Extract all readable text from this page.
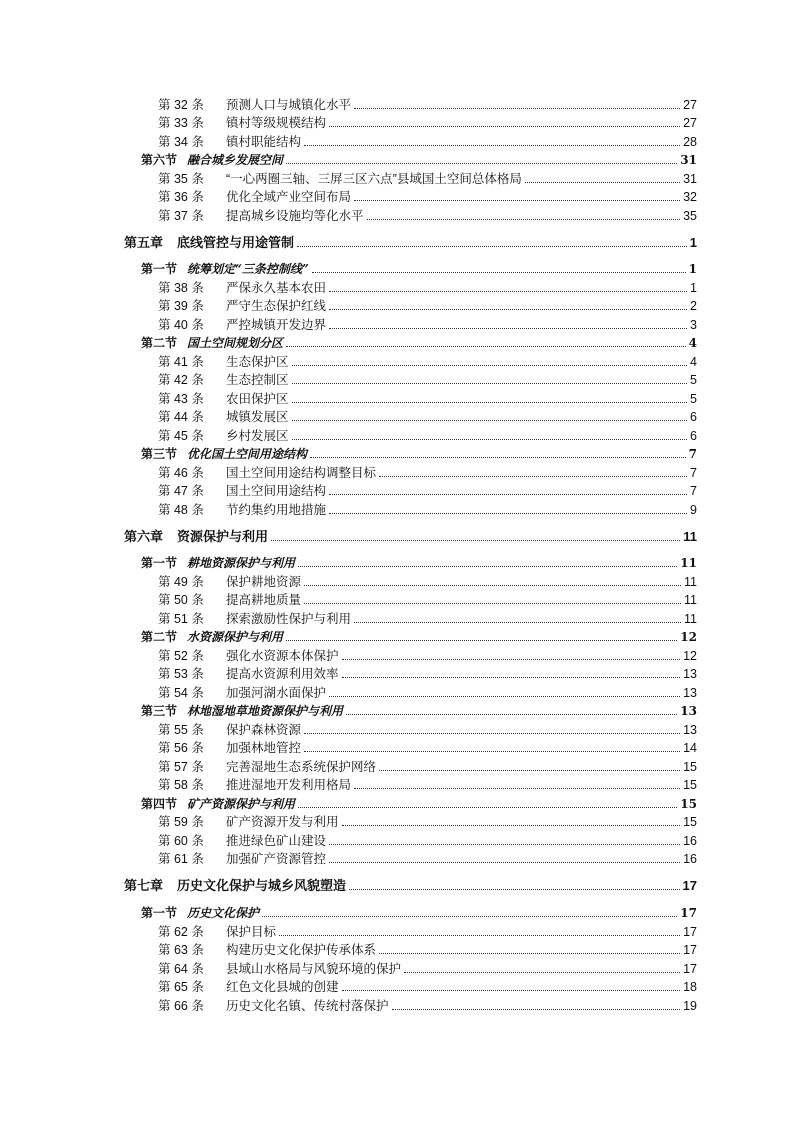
第 32 条	预测人口与城镇化水平	27
第 33 条	镇村等级规模结构	27
第 34 条	镇村职能结构	28
第六节 融合城乡发展空间	31
第 35 条	“一心两圈三轴、三屏三区六点”县域国土空间总体格局	31
第 36 条	优化全域产业空间布局	32
第 37 条	提高城乡设施均等化水平	35
第五章 底线管控与用途管制	1
第一节 统筹划定“三条控制线”	1
第 38 条	严保永久基本农田	1
第 39 条	严守生态保护红线	2
第 40 条	严控城镇开发边界	3
第二节 国土空间规划分区	4
第 41 条	生态保护区	4
第 42 条	生态控制区	5
第 43 条	农田保护区	5
第 44 条	城镇发展区	6
第 45 条	乡村发展区	6
第三节 优化国土空间用途结构	7
第 46 条	国土空间用途结构调整目标	7
第 47 条	国土空间用途结构	7
第 48 条	节约集约用地措施	9
第六章 资源保护与利用	11
第一节 耕地资源保护与利用	11
第 49 条	保护耕地资源	11
第 50 条	提高耕地质量	11
第 51 条	探索激励性保护与利用	11
第二节 水资源保护与利用	12
第 52 条	强化水资源本体保护	12
第 53 条	提高水资源利用效率	13
第 54 条	加强河湖水面保护	13
第三节 林地湿地草地资源保护与利用	13
第 55 条	保护森林资源	13
第 56 条	加强林地管控	14
第 57 条	完善湿地生态系统保护网络	15
第 58 条	推进湿地开发利用格局	15
第四节 矿产资源保护与利用	15
第 59 条	矿产资源开发与利用	15
第 60 条	推进绿色矿山建设	16
第 61 条	加强矿产资源管控	16
第七章 历史文化保护与城乡风貌塑造	17
第一节 历史文化保护	17
第 62 条	保护目标	17
第 63 条	构建历史文化保护传承体系	17
第 64 条	县域山水格局与风貌环境的保护	17
第 65 条	红色文化县城的创建	18
第 66 条	历史文化名镇、传统村落保护	19
